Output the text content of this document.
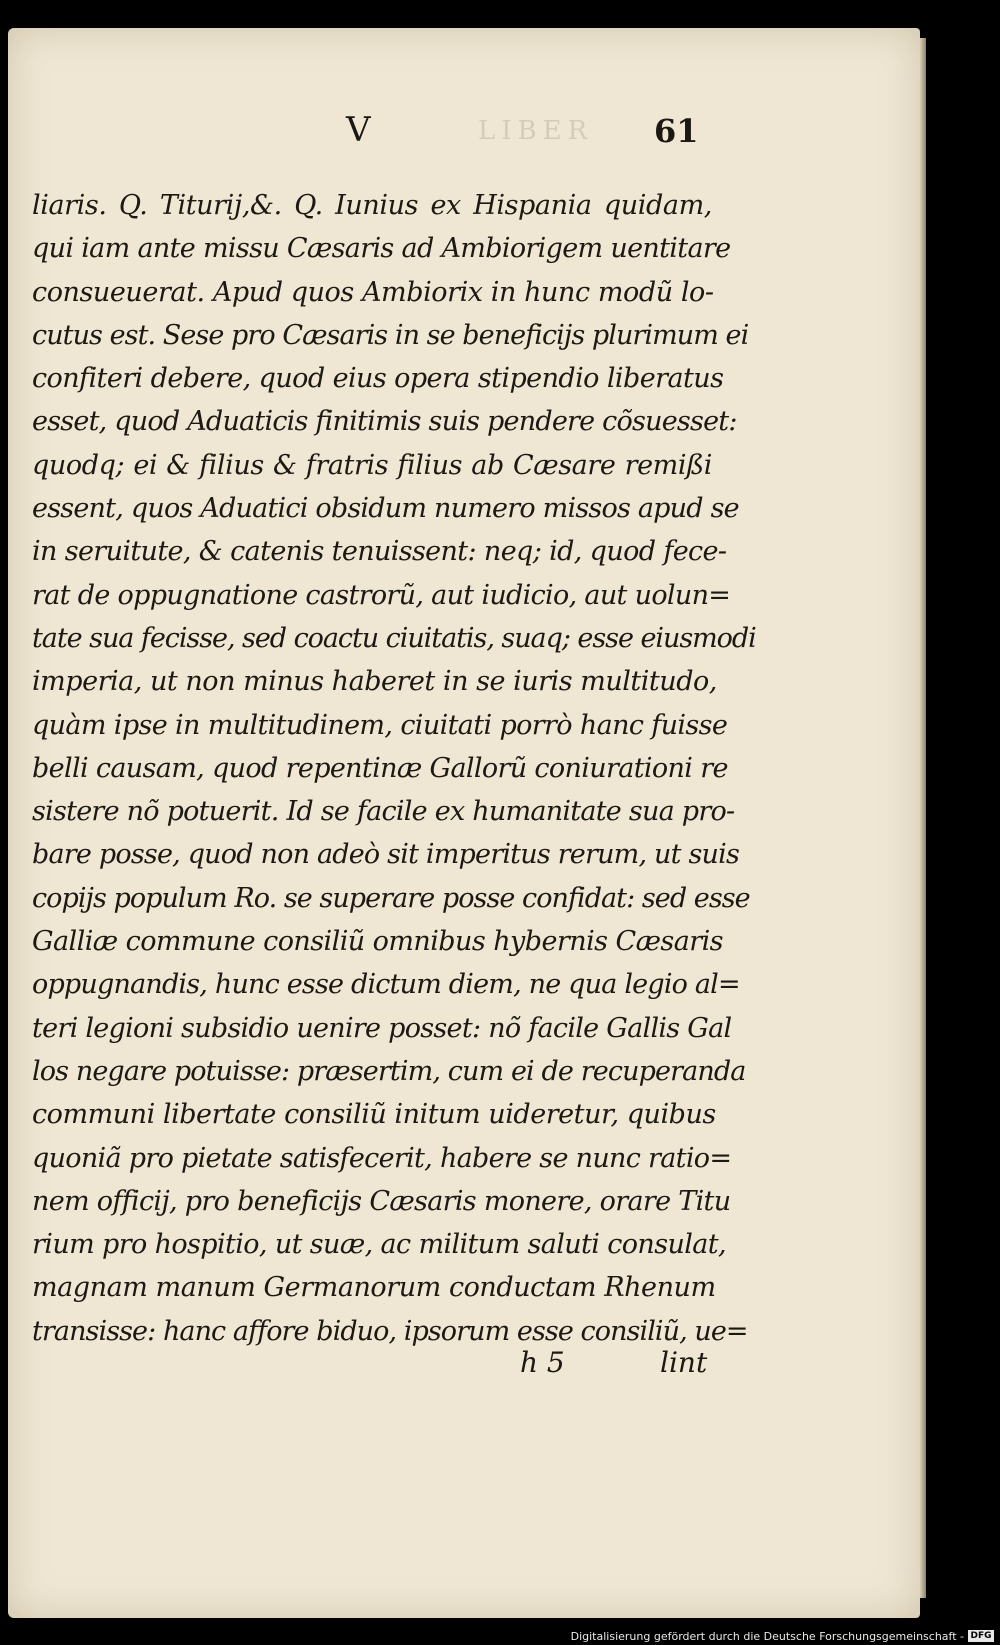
LIBER
V	61
liaris. Q. Titurij,&. Q. Iunius ex Hispania quidam,
qui iam ante missu Cæsaris ad Ambiorigem uentitare
consueuerat. Apud quos Ambiorix in hunc modũ lo-
cutus est. Sese pro Cæsaris in se beneficijs plurimum ei
confiteri debere, quod eius opera stipendio liberatus
esset, quod Aduaticis finitimis suis pendere cõsuesset:
quodq; ei & filius & fratris filius ab Cæsare remißi
essent, quos Aduatici obsidum numero missos apud se
in seruitute, & catenis tenuissent: neq; id, quod fece-
rat de oppugnatione castrorũ, aut iudicio, aut uolun=
tate sua fecisse, sed coactu ciuitatis, suaq; esse eiusmodi
imperia, ut non minus haberet in se iuris multitudo,
quàm ipse in multitudinem, ciuitati porrò hanc fuisse
belli causam, quod repentinæ Gallorũ coniurationi re
sistere nõ potuerit. Id se facile ex humanitate sua pro-
bare posse, quod non adeò sit imperitus rerum, ut suis
copijs populum Ro. se superare posse confidat: sed esse
Galliæ commune consiliũ omnibus hybernis Cæsaris
oppugnandis, hunc esse dictum diem, ne qua legio al=
teri legioni subsidio uenire posset: nõ facile Gallis Gal
los negare potuisse: præsertim, cum ei de recuperanda
communi libertate consiliũ initum uideretur, quibus
quoniã pro pietate satisfecerit, habere se nunc ratio=
nem officij, pro beneficijs Cæsaris monere, orare Titu
rium pro hospitio, ut suæ, ac militum saluti consulat,
magnam manum Germanorum conductam Rhenum
transisse: hanc affore biduo, ipsorum esse consiliũ, ue=
h 5	lint
Digitalisierung gefördert durch die Deutsche Forschungsgemeinschaft - DFG
